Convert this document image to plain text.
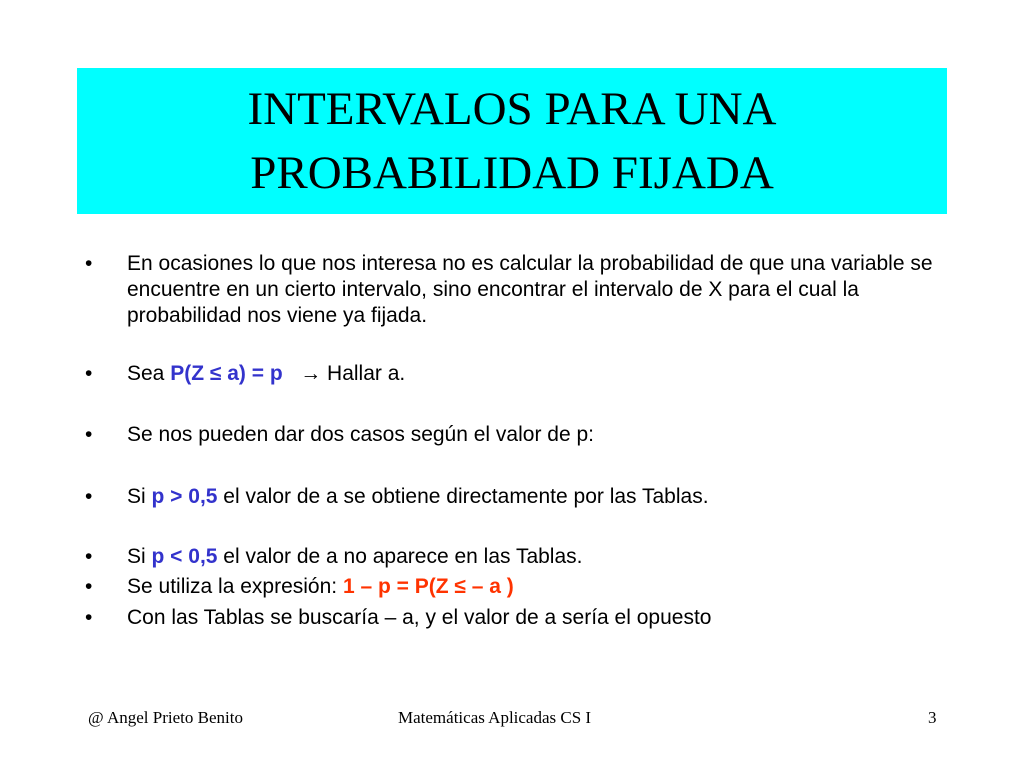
INTERVALOS PARA UNA
PROBABILIDAD FIJADA
•	En ocasiones lo que nos interesa no es calcular la probabilidad de que una variable se encuentre en un cierto intervalo, sino encontrar el intervalo de X para el cual la probabilidad nos viene ya fijada.
•	Sea P(Z ≤ a) = p → Hallar a.
•	Se nos pueden dar dos casos según el valor de p:
•	Si p > 0,5 el valor de a se obtiene directamente por las Tablas.
•	Si p < 0,5 el valor de a no aparece en las Tablas.
•	Se utiliza la expresión: 1 – p = P(Z ≤ – a )
•	Con las Tablas se buscaría – a, y el valor de a sería el opuesto
@ Angel Prieto Benito	Matemáticas Aplicadas CS I	3
